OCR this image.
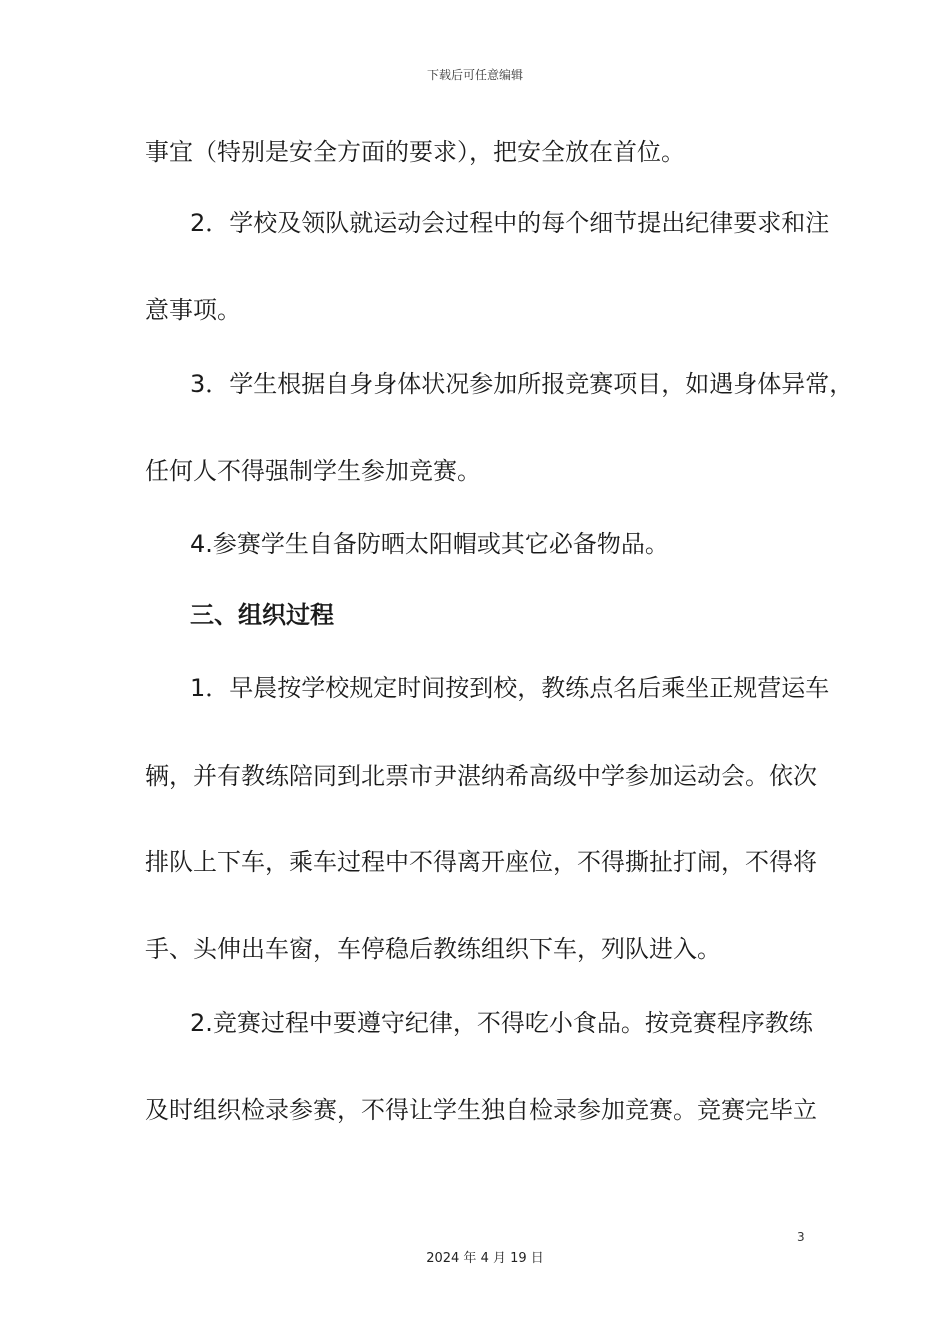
下载后可任意编辑
事宜（特别是安全方面的要求），把安全放在首位。
2．学校及领队就运动会过程中的每个细节提出纪律要求和注
意事项。
3．学生根据自身身体状况参加所报竞赛项目，如遇身体异常，
任何人不得强制学生参加竞赛。
4.参赛学生自备防晒太阳帽或其它必备物品。
三、组织过程
1．早晨按学校规定时间按到校，教练点名后乘坐正规营运车
辆，并有教练陪同到北票市尹湛纳希高级中学参加运动会。依次
排队上下车，乘车过程中不得离开座位，不得撕扯打闹，不得将
手、头伸出车窗，车停稳后教练组织下车，列队进入。
2.竞赛过程中要遵守纪律，不得吃小食品。按竞赛程序教练
及时组织检录参赛，不得让学生独自检录参加竞赛。竞赛完毕立
3
2024 年 4 月 19 日
